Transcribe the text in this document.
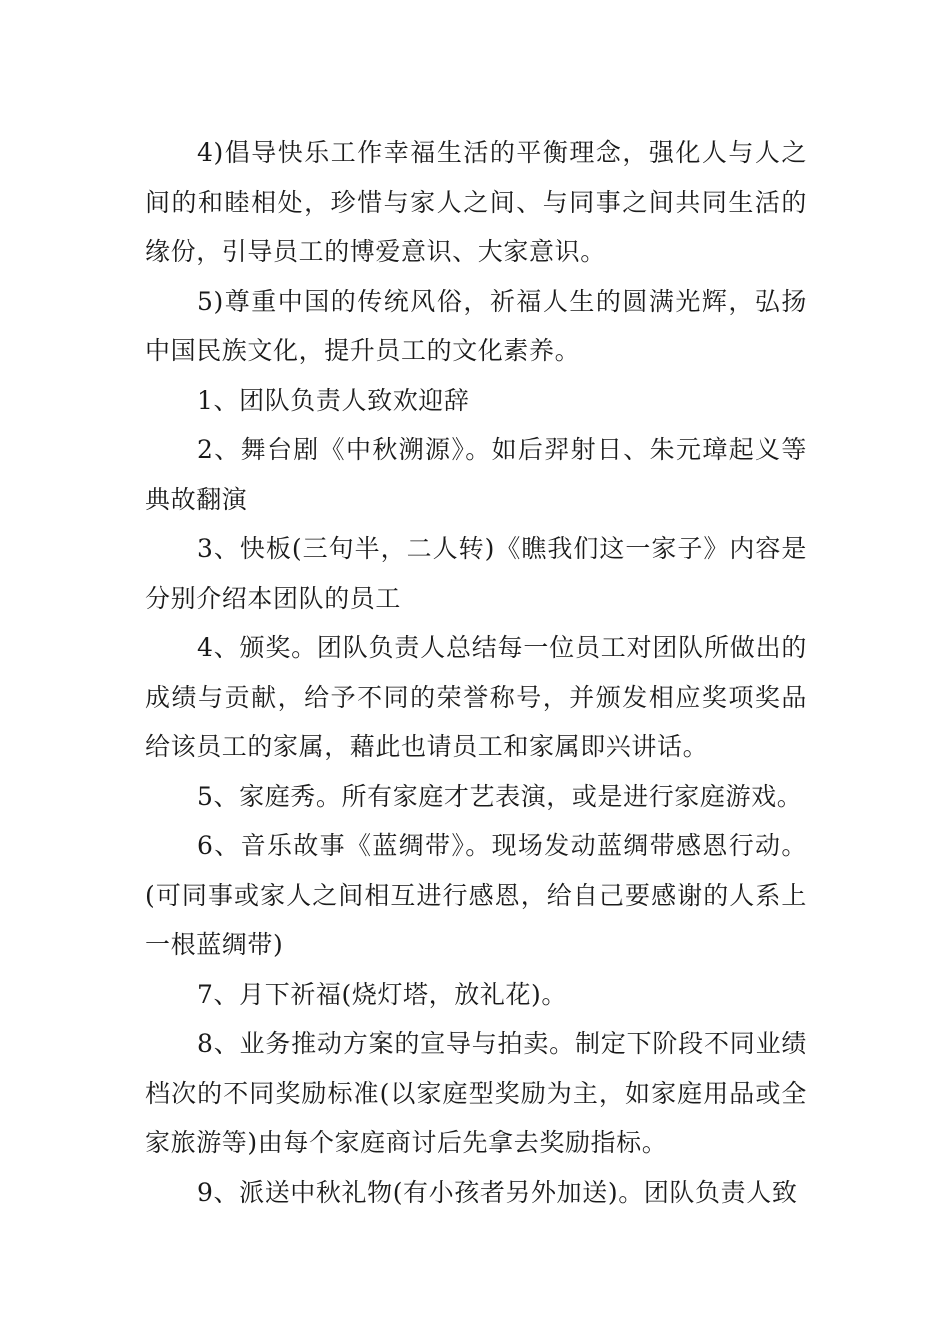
4)倡导快乐工作幸福生活的平衡理念，强化人与人之间的和睦相处，珍惜与家人之间、与同事之间共同生活的缘份，引导员工的博爱意识、大家意识。

5)尊重中国的传统风俗，祈福人生的圆满光辉，弘扬中国民族文化，提升员工的文化素养。

1、团队负责人致欢迎辞

2、舞台剧《中秋溯源》。如后羿射日、朱元璋起义等典故翻演

3、快板(三句半，二人转)《瞧我们这一家子》内容是分别介绍本团队的员工

4、颁奖。团队负责人总结每一位员工对团队所做出的成绩与贡献，给予不同的荣誉称号，并颁发相应奖项奖品给该员工的家属，藉此也请员工和家属即兴讲话。

5、家庭秀。所有家庭才艺表演，或是进行家庭游戏。

6、音乐故事《蓝绸带》。现场发动蓝绸带感恩行动。(可同事或家人之间相互进行感恩，给自己要感谢的人系上一根蓝绸带)

7、月下祈福(烧灯塔，放礼花)。

8、业务推动方案的宣导与拍卖。制定下阶段不同业绩档次的不同奖励标准(以家庭型奖励为主，如家庭用品或全家旅游等)由每个家庭商讨后先拿去奖励指标。

9、派送中秋礼物(有小孩者另外加送)。团队负责人致
